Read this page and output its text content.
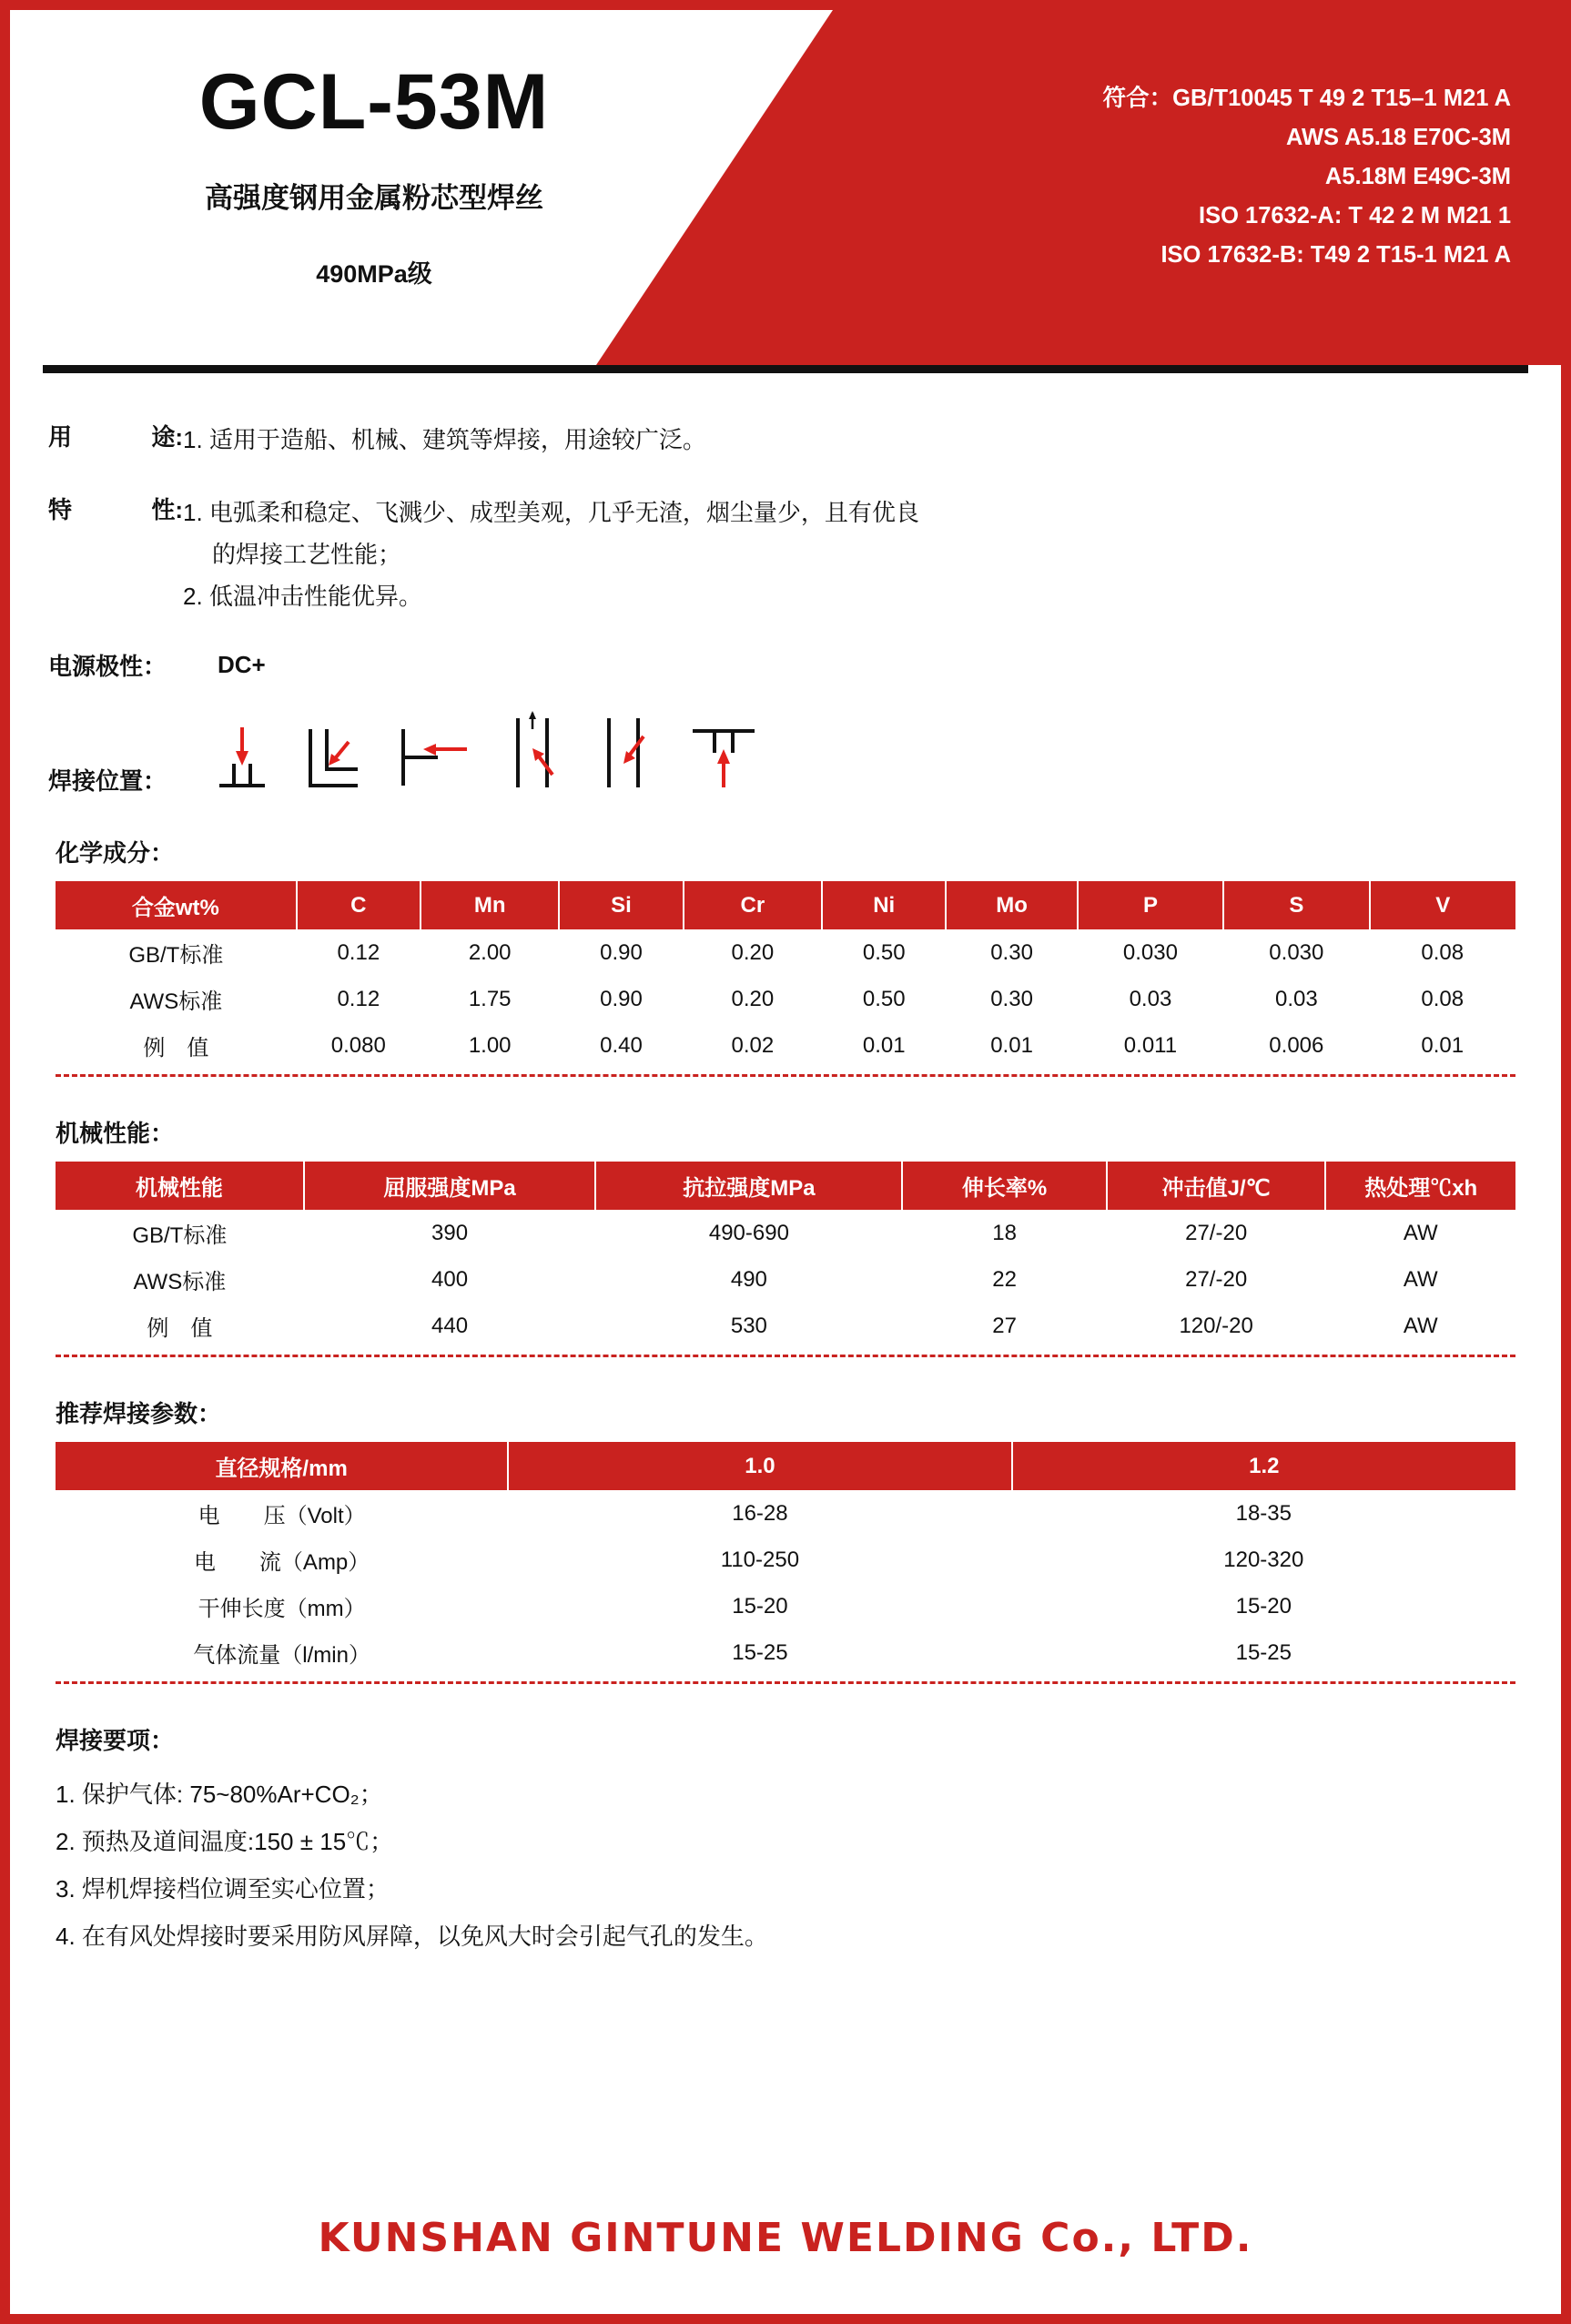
GCL-53M
高强度钢用金属粉芯型焊丝
490MPa级
符合：GB/T10045 T 49 2 T15–1 M21 A
AWS A5.18 E70C-3M
A5.18M E49C-3M
ISO 17632-A: T 42 2 M M21 1
ISO 17632-B: T49 2 T15-1 M21 A
用	途: 1. 适用于造船、机械、建筑等焊接，用途较广泛。
特	性: 1. 电弧柔和稳定、飞溅少、成型美观，几乎无渣，烟尘量少，且有优良
的焊接工艺性能；
2. 低温冲击性能优异。
电源极性：	DC+
焊接位置：
化学成分：
合金wt%	C	Mn	Si	Cr	Ni	Mo	P	S	V
GB/T标准	0.12	2.00	0.90	0.20	0.50	0.30	0.030	0.030	0.08
AWS标准	0.12	1.75	0.90	0.20	0.50	0.30	0.03	0.03	0.08
例　值	0.080	1.00	0.40	0.02	0.01	0.01	0.011	0.006	0.01
机械性能：
机械性能	屈服强度MPa	抗拉强度MPa	伸长率%	冲击值J/℃	热处理℃xh
GB/T标准	390	490-690	18	27/-20	AW
AWS标准	400	490	22	27/-20	AW
例　值	440	530	27	120/-20	AW
推荐焊接参数：
直径规格/mm	1.0	1.2
电　　压（Volt）	16-28	18-35
电　　流（Amp）	110-250	120-320
干伸长度（mm）	15-20	15-20
气体流量（l/min）	15-25	15-25
焊接要项：
1. 保护气体: 75~80%Ar+CO₂；
2. 预热及道间温度:150 ± 15℃；
3. 焊机焊接档位调至实心位置；
4. 在有风处焊接时要采用防风屏障，以免风大时会引起气孔的发生。
KUNSHAN GINTUNE WELDING Co., LTD.
